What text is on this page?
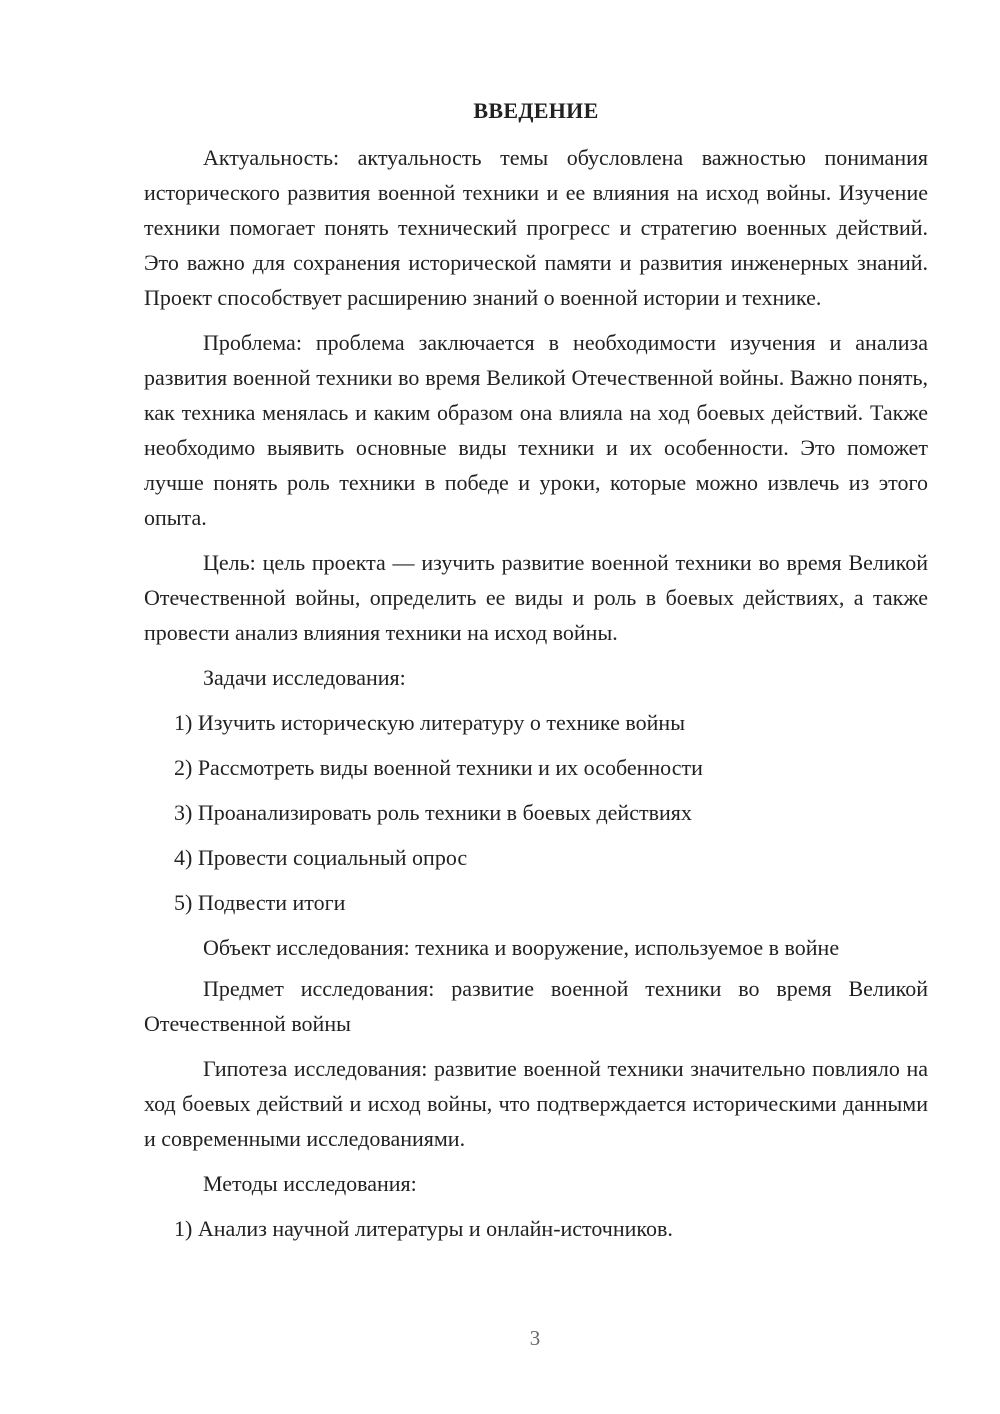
ВВЕДЕНИЕ

Актуальность: актуальность темы обусловлена важностью понимания исторического развития военной техники и ее влияния на исход войны. Изучение техники помогает понять технический прогресс и стратегию военных действий. Это важно для сохранения исторической памяти и развития инженерных знаний. Проект способствует расширению знаний о военной истории и технике.

Проблема: проблема заключается в необходимости изучения и анализа развития военной техники во время Великой Отечественной войны. Важно понять, как техника менялась и каким образом она влияла на ход боевых действий. Также необходимо выявить основные виды техники и их особенности. Это поможет лучше понять роль техники в победе и уроки, которые можно извлечь из этого опыта.

Цель: цель проекта — изучить развитие военной техники во время Великой Отечественной войны, определить ее виды и роль в боевых действиях, а также провести анализ влияния техники на исход войны.

Задачи исследования:

1) Изучить историческую литературу о технике войны
2) Рассмотреть виды военной техники и их особенности
3) Проанализировать роль техники в боевых действиях
4) Провести социальный опрос
5) Подвести итоги

Объект исследования: техника и вооружение, используемое в войне

Предмет исследования: развитие военной техники во время Великой Отечественной войны

Гипотеза исследования: развитие военной техники значительно повлияло на ход боевых действий и исход войны, что подтверждается историческими данными и современными исследованиями.

Методы исследования:

1) Анализ научной литературы и онлайн-источников.
3
